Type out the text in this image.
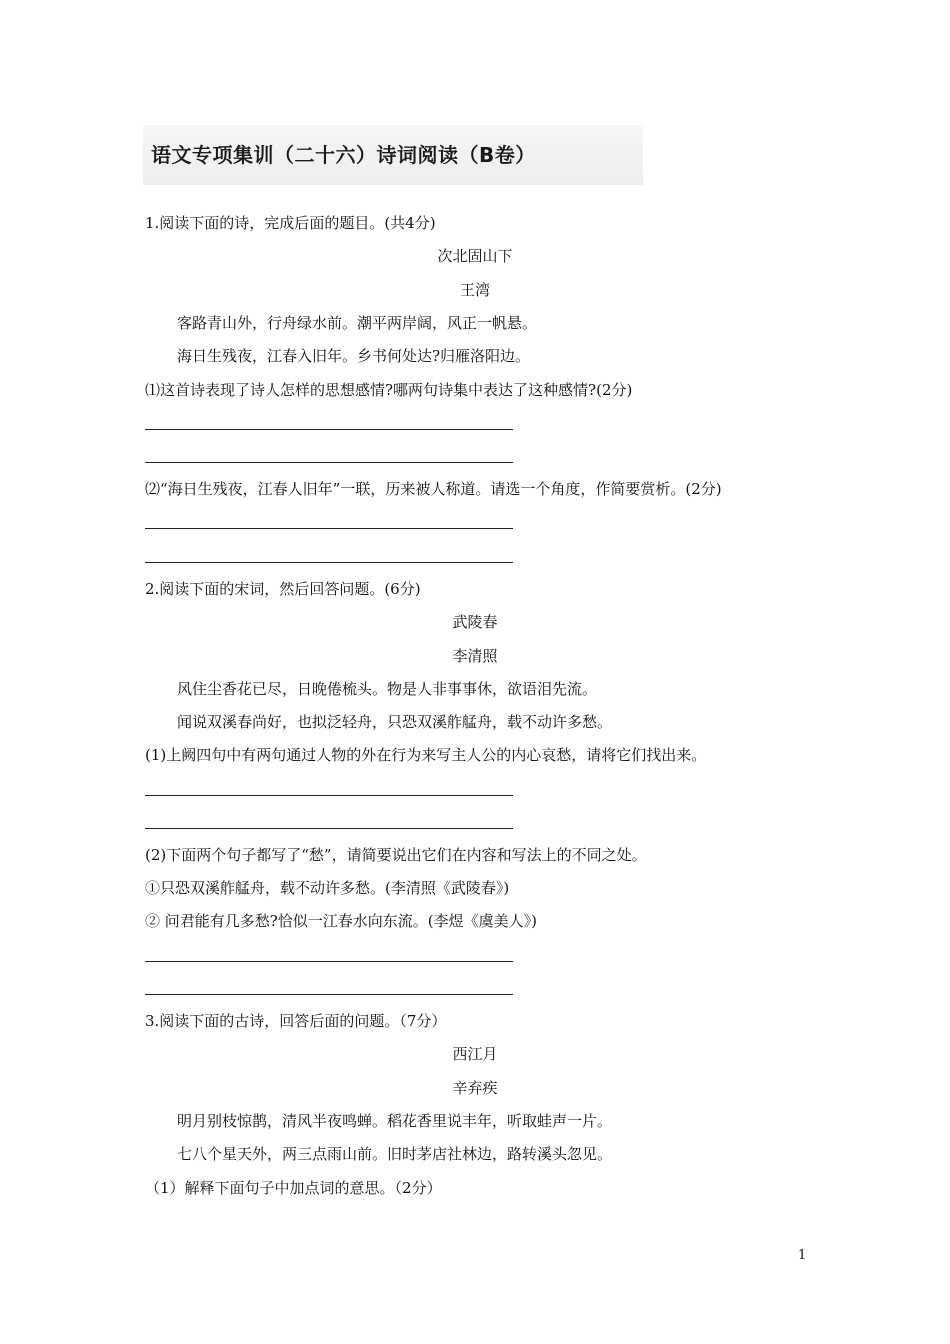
语文专项集训（二十六）诗词阅读（B卷）
1.阅读下面的诗，完成后面的题目。(共4分)
次北固山下
王湾
客路青山外，行舟绿水前。潮平两岸阔，风正一帆悬。
海日生残夜，江春入旧年。乡书何处达?归雁洛阳边。
⑴这首诗表现了诗人怎样的思想感情?哪两句诗集中表达了这种感情?(2分)
⑵“海日生残夜，江春人旧年”一联，历来被人称道。请选一个角度，作简要赏析。(2分)
2.阅读下面的宋词，然后回答问题。(6分)
武陵春
李清照
风住尘香花已尽，日晚倦梳头。物是人非事事休，欲语泪先流。
闻说双溪春尚好，也拟泛轻舟，只恐双溪舴艋舟，载不动许多愁。
(1)上阙四句中有两句通过人物的外在行为来写主人公的内心哀愁，请将它们找出来。
(2)下面两个句子都写了“愁”，请简要说出它们在内容和写法上的不同之处。
①只恐双溪舴艋舟，载不动许多愁。(李清照《武陵春》)
② 问君能有几多愁?恰似一江春水向东流。(李煜《虞美人》)
3.阅读下面的古诗，回答后面的问题。（7分）
西江月
辛弃疾
明月别枝惊鹊，清风半夜鸣蝉。稻花香里说丰年，听取蛙声一片。
七八个星天外，两三点雨山前。旧时茅店社林边，路转溪头忽见。
（1）解释下面句子中加点词的意思。（2分）
1
